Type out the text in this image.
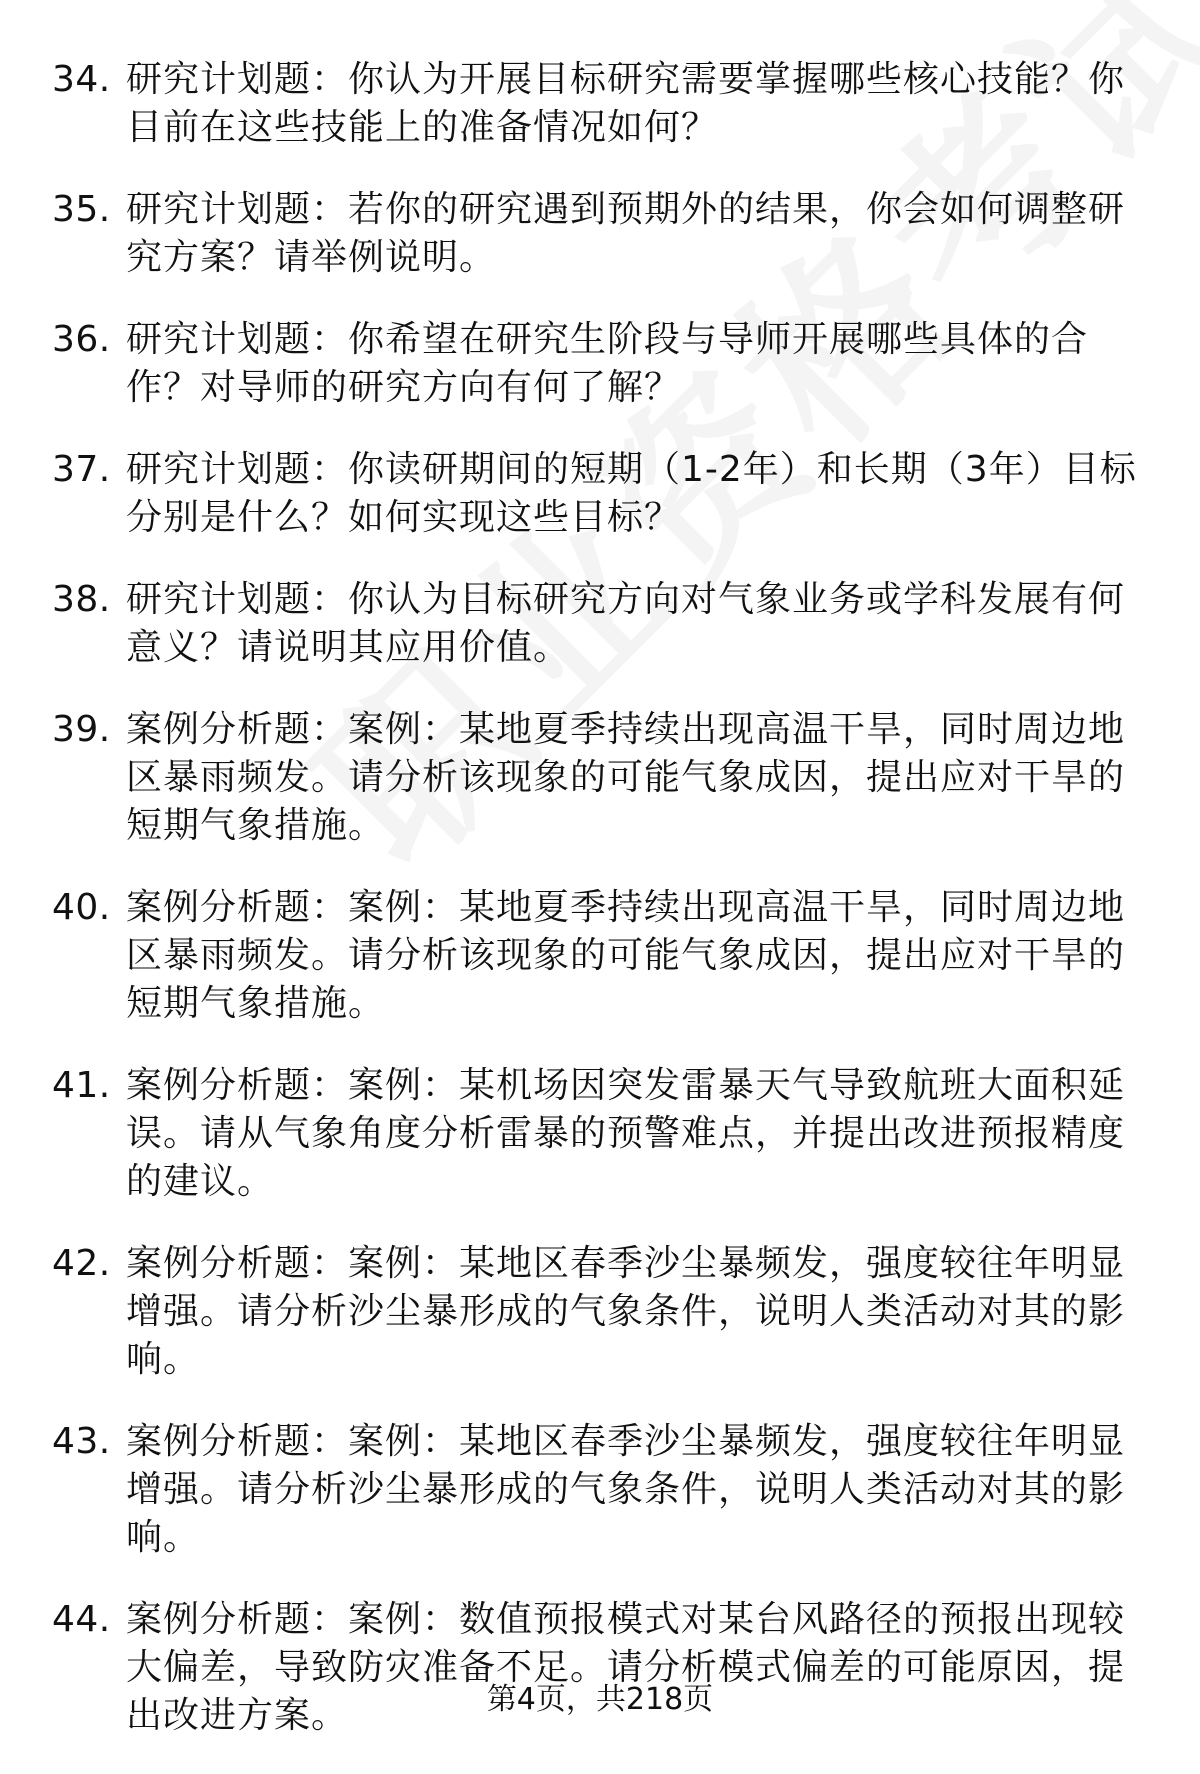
34. 研究计划题：你认为开展目标研究需要掌握哪些核心技能？你目前在这些技能上的准备情况如何？
35. 研究计划题：若你的研究遇到预期外的结果，你会如何调整研究方案？请举例说明。
36. 研究计划题：你希望在研究生阶段与导师开展哪些具体的合作？对导师的研究方向有何了解？
37. 研究计划题：你读研期间的短期（1-2年）和长期（3年）目标分别是什么？如何实现这些目标？
38. 研究计划题：你认为目标研究方向对气象业务或学科发展有何意义？请说明其应用价值。
39. 案例分析题：案例：某地夏季持续出现高温干旱，同时周边地区暴雨频发。请分析该现象的可能气象成因，提出应对干旱的短期气象措施。
40. 案例分析题：案例：某地夏季持续出现高温干旱，同时周边地区暴雨频发。请分析该现象的可能气象成因，提出应对干旱的短期气象措施。
41. 案例分析题：案例：某机场因突发雷暴天气导致航班大面积延误。请从气象角度分析雷暴的预警难点，并提出改进预报精度的建议。
42. 案例分析题：案例：某地区春季沙尘暴频发，强度较往年明显增强。请分析沙尘暴形成的气象条件，说明人类活动对其的影响。
43. 案例分析题：案例：某地区春季沙尘暴频发，强度较往年明显增强。请分析沙尘暴形成的气象条件，说明人类活动对其的影响。
44. 案例分析题：案例：数值预报模式对某台风路径的预报出现较大偏差，导致防灾准备不足。请分析模式偏差的可能原因，提出改进方案。	第4页，共218页
